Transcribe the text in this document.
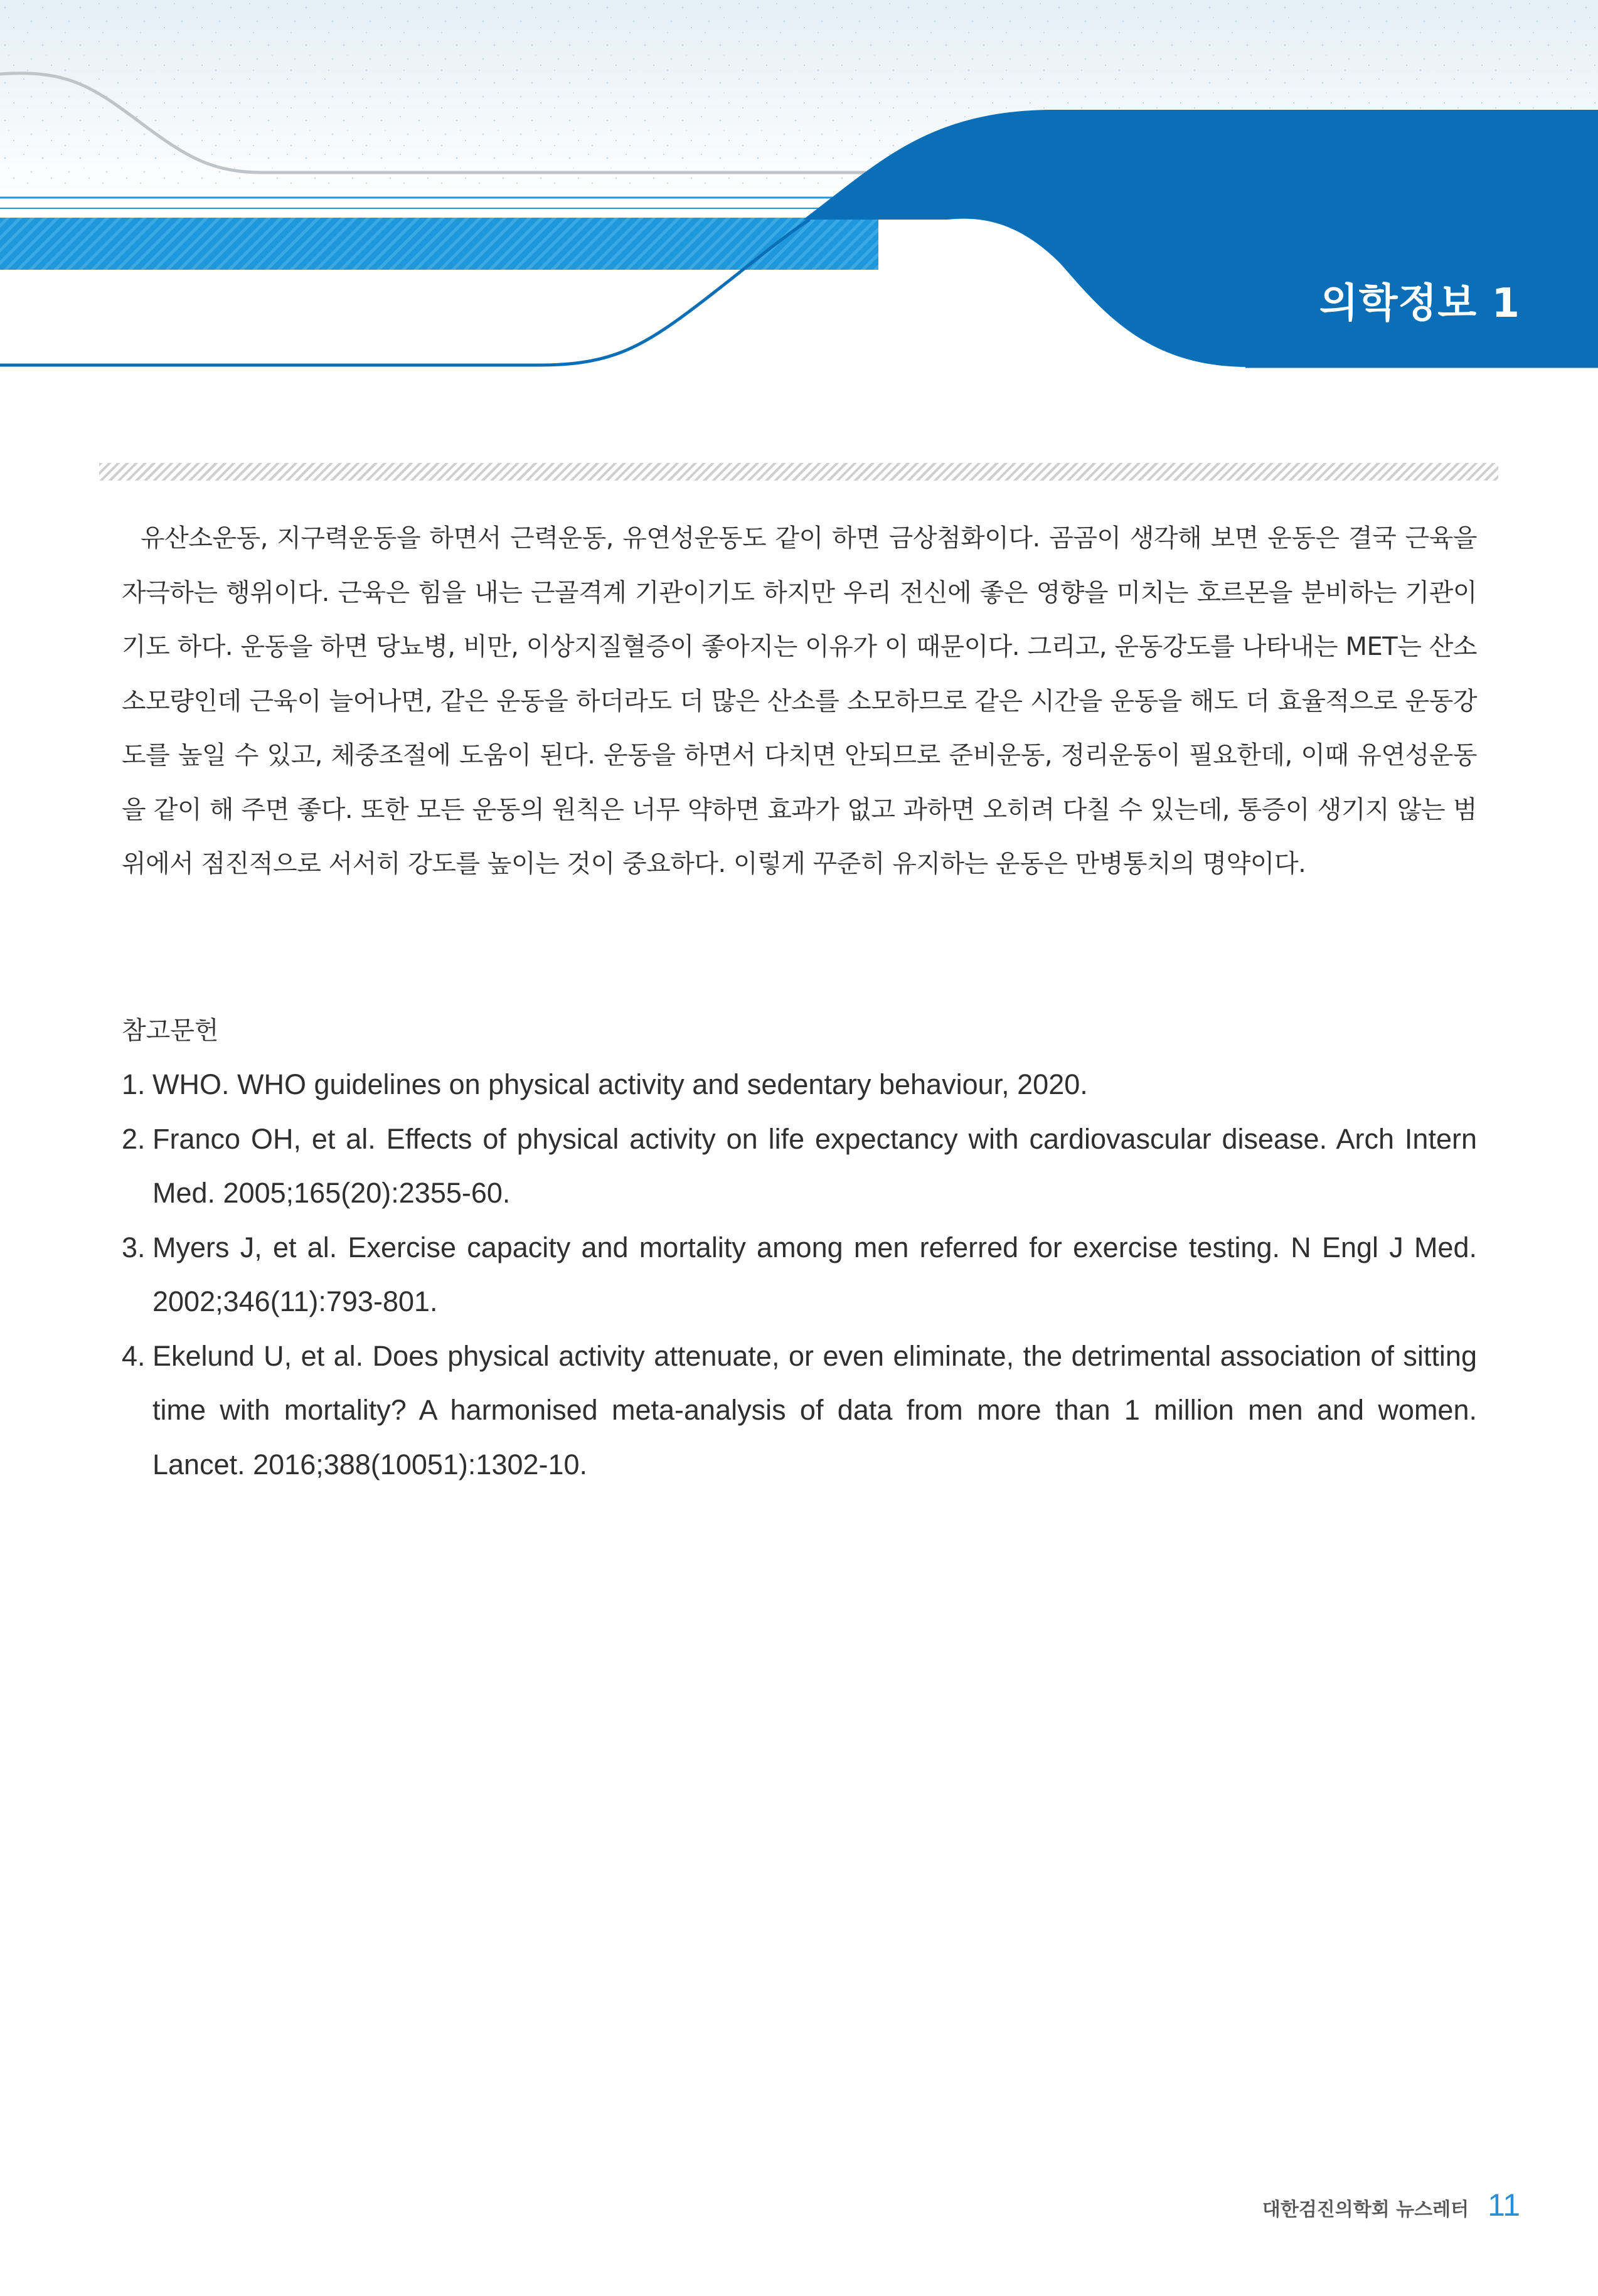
의학정보 1

유산소운동, 지구력운동을 하면서 근력운동, 유연성운동도 같이 하면 금상첨화이다. 곰곰이 생각해 보면 운동은 결국 근육을 자극하는 행위이다. 근육은 힘을 내는 근골격계 기관이기도 하지만 우리 전신에 좋은 영향을 미치는 호르몬을 분비하는 기관이기도 하다. 운동을 하면 당뇨병, 비만, 이상지질혈증이 좋아지는 이유가 이 때문이다. 그리고, 운동강도를 나타내는 MET는 산소소모량인데 근육이 늘어나면, 같은 운동을 하더라도 더 많은 산소를 소모하므로 같은 시간을 운동을 해도 더 효율적으로 운동강도를 높일 수 있고, 체중조절에 도움이 된다. 운동을 하면서 다치면 안되므로 준비운동, 정리운동이 필요한데, 이때 유연성운동을 같이 해 주면 좋다. 또한 모든 운동의 원칙은 너무 약하면 효과가 없고 과하면 오히려 다칠 수 있는데, 통증이 생기지 않는 범위에서 점진적으로 서서히 강도를 높이는 것이 중요하다. 이렇게 꾸준히 유지하는 운동은 만병통치의 명약이다.

참고문헌
1. WHO. WHO guidelines on physical activity and sedentary behaviour, 2020.
2. Franco OH, et al. Effects of physical activity on life expectancy with cardiovascular disease. Arch Intern Med. 2005;165(20):2355-60.
3. Myers J, et al. Exercise capacity and mortality among men referred for exercise testing. N Engl J Med. 2002;346(11):793-801.
4. Ekelund U, et al. Does physical activity attenuate, or even eliminate, the detrimental association of sitting time with mortality? A harmonised meta-analysis of data from more than 1 million men and women. Lancet. 2016;388(10051):1302-10.
대한검진의학회 뉴스레터 11
